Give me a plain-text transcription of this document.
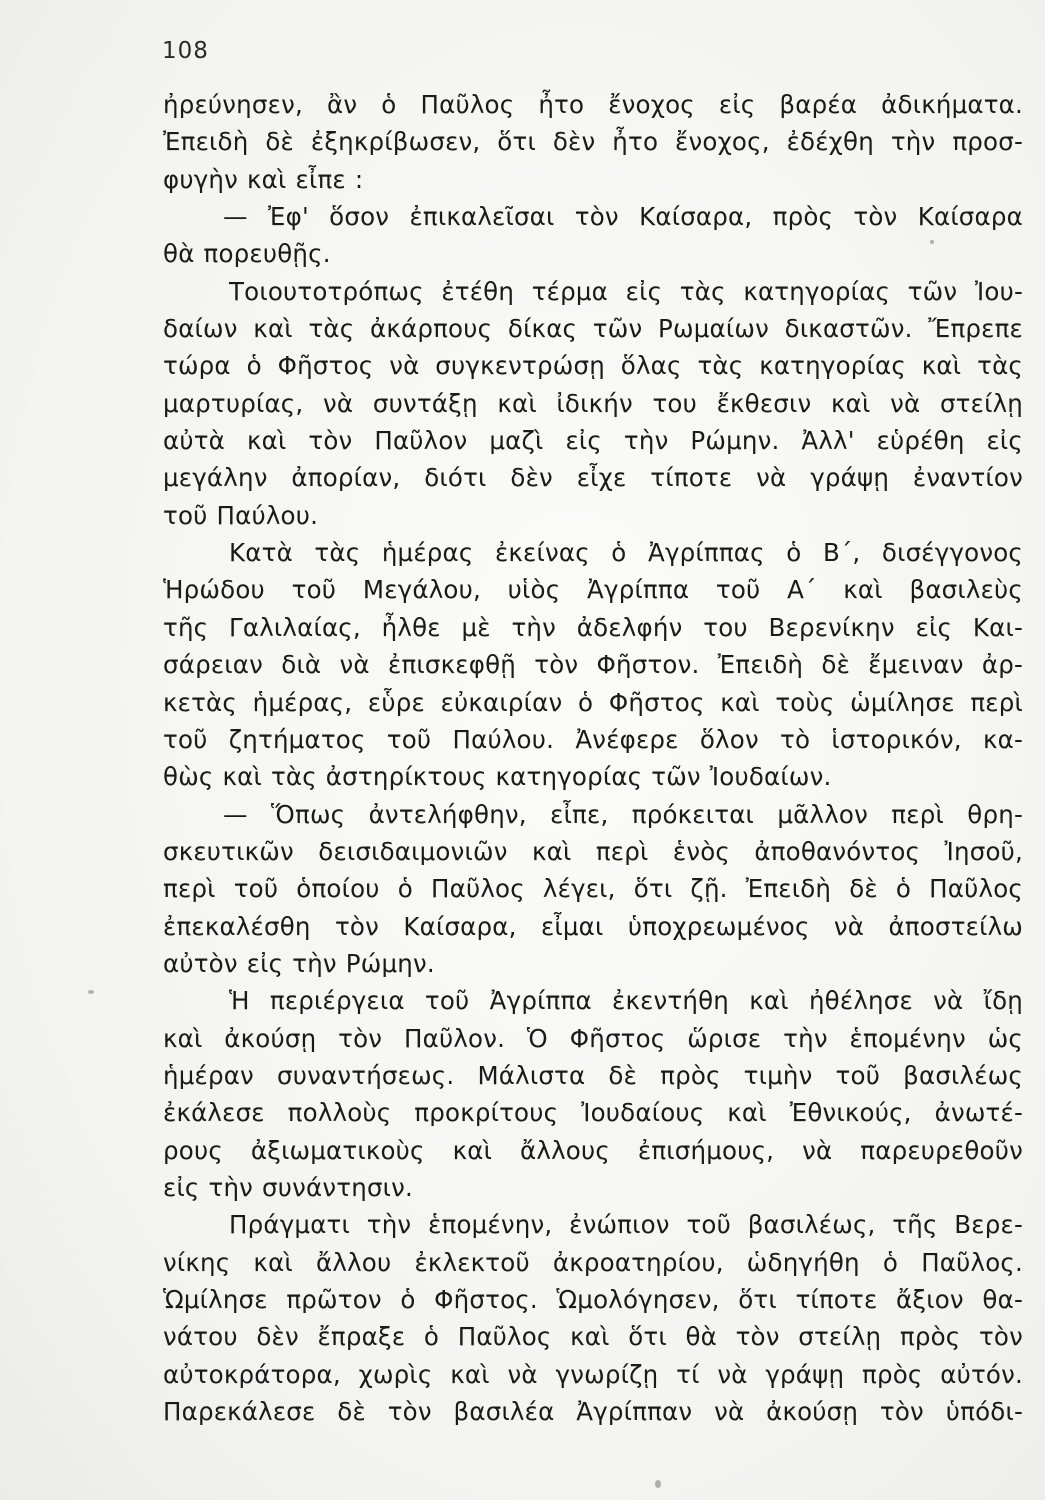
108
ἠρεύνησεν, ἂν ὁ Παῦλος ἦτο ἔνοχος εἰς βαρέα ἀδικήματα.
Ἐπειδὴ δὲ ἐξηκρίβωσεν, ὅτι δὲν ἦτο ἔνοχος, ἐδέχθη τὴν προσ-
φυγὴν καὶ εἶπε :
— Ἐφ' ὅσον ἐπικαλεῖσαι τὸν Καίσαρα, πρὸς τὸν Καίσαρα
θὰ πορευθῇς.
Τοιουτοτρόπως ἐτέθη τέρμα εἰς τὰς κατηγορίας τῶν Ἰου-
δαίων καὶ τὰς ἀκάρπους δίκας τῶν Ρωμαίων δικαστῶν. Ἔπρεπε
τώρα ὁ Φῆστος νὰ συγκεντρώσῃ ὅλας τὰς κατηγορίας καὶ τὰς
μαρτυρίας, νὰ συντάξῃ καὶ ἰδικήν του ἔκθεσιν καὶ νὰ στείλῃ
αὐτὰ καὶ τὸν Παῦλον μαζὶ εἰς τὴν Ρώμην. Ἀλλ' εὑρέθη εἰς
μεγάλην ἀπορίαν, διότι δὲν εἶχε τίποτε νὰ γράψῃ ἐναντίον
τοῦ Παύλου.
Κατὰ τὰς ἡμέρας ἐκείνας ὁ Ἀγρίππας ὁ Β΄, δισέγγονος
Ἡρώδου τοῦ Μεγάλου, υἱὸς Ἀγρίππα τοῦ Α΄ καὶ βασιλεὺς
τῆς Γαλιλαίας, ἦλθε μὲ τὴν ἀδελφήν του Βερενίκην εἰς Και-
σάρειαν διὰ νὰ ἐπισκεφθῇ τὸν Φῆστον. Ἐπειδὴ δὲ ἔμειναν ἀρ-
κετὰς ἡμέρας, εὗρε εὐκαιρίαν ὁ Φῆστος καὶ τοὺς ὡμίλησε περὶ
τοῦ ζητήματος τοῦ Παύλου. Ἀνέφερε ὅλον τὸ ἱστορικόν, κα-
θὼς καὶ τὰς ἀστηρίκτους κατηγορίας τῶν Ἰουδαίων.
— Ὅπως ἀντελήφθην, εἶπε, πρόκειται μᾶλλον περὶ θρη-
σκευτικῶν δεισιδαιμονιῶν καὶ περὶ ἑνὸς ἀποθανόντος Ἰησοῦ,
περὶ τοῦ ὁποίου ὁ Παῦλος λέγει, ὅτι ζῇ. Ἐπειδὴ δὲ ὁ Παῦλος
ἐπεκαλέσθη τὸν Καίσαρα, εἶμαι ὑποχρεωμένος νὰ ἀποστείλω
αὐτὸν εἰς τὴν Ρώμην.
Ἡ περιέργεια τοῦ Ἀγρίππα ἐκεντήθη καὶ ἠθέλησε νὰ ἴδῃ
καὶ ἀκούσῃ τὸν Παῦλον. Ὁ Φῆστος ὥρισε τὴν ἑπομένην ὡς
ἡμέραν συναντήσεως. Μάλιστα δὲ πρὸς τιμὴν τοῦ βασιλέως
ἐκάλεσε πολλοὺς προκρίτους Ἰουδαίους καὶ Ἐθνικούς, ἀνωτέ-
ρους ἀξιωματικοὺς καὶ ἄλλους ἐπισήμους, νὰ παρευρεθοῦν
εἰς τὴν συνάντησιν.
Πράγματι τὴν ἑπομένην, ἐνώπιον τοῦ βασιλέως, τῆς Βερε-
νίκης καὶ ἄλλου ἐκλεκτοῦ ἀκροατηρίου, ὡδηγήθη ὁ Παῦλος.
Ὡμίλησε πρῶτον ὁ Φῆστος. Ὡμολόγησεν, ὅτι τίποτε ἄξιον θα-
νάτου δὲν ἔπραξε ὁ Παῦλος καὶ ὅτι θὰ τὸν στείλῃ πρὸς τὸν
αὐτοκράτορα, χωρὶς καὶ νὰ γνωρίζῃ τί νὰ γράψῃ πρὸς αὐτόν.
Παρεκάλεσε δὲ τὸν βασιλέα Ἀγρίππαν νὰ ἀκούσῃ τὸν ὑπόδι-
